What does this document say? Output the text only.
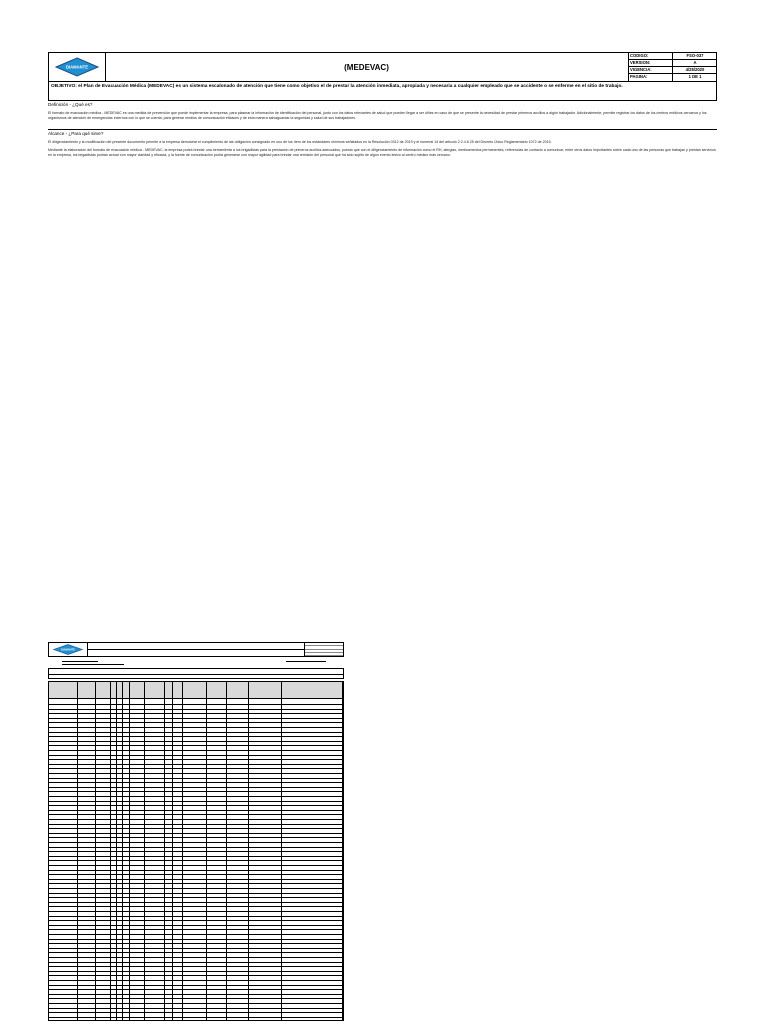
DIAMANTE	(MEDEVAC)
CODIGO:	FSO-037
VERSION:	A
VIGENCIA:	4/25/2020
PAGINA:	1 DE 1
OBJETIVO: el Plan de Evacuación Médica (MEDEVAC) es un sistema escalonado de atención que tiene como objetivo el de prestar la atención inmediata, apropiada y necesaria a cualquier empleado que se accidente o se enferme en el sitio de trabajo.
Definición - ¿Qué es?
El formato de evacuación médica - MEDEVAC es una medida de prevención que puede implementar la empresa, para plasmar la información de identificación del personal, junto con los datos relevantes de salud que pueden llegar a ser útiles en caso de que se presente la necesidad de prestar primeros auxilios a algún trabajador. Adicionalmente, permite registrar los datos de los centros médicos cercanos y los organismos de atención de emergencias externos con lo que se cuenta, para generar medios de comunicación eficaces y de esta manera salvaguardar la seguridad y salud de sus trabajadores.
Alcance - ¿Para qué sirve?
El diligenciamiento y la modificación del presente documento permite a la empresa demostrar el cumplimiento de las obligación consignado en uno de los ítem de los estándares mínimos señalados en la Resolución 0312 de 2019 y el numeral 14 del artículo 2.2.4.6.25 del Decreto Único Reglamentario 1072 de 2015.
Mediante la elaboración del formato de evacuación médica - MEDEVAC, la empresa podrá brindar una herramienta a los brigadistas para la prestación de primeros auxilios adecuados, puesto que con el diligenciamiento de información como el RH, alergias, medicamentos permanentes, referencias de contacto a comunicar, entre otros datos importantes sobre cada uno de las personas que trabajan y prestan servicios en la empresa, los brigadistas podrán actuar con mayor claridad y eficacia, y la fuente de comunicación podrá generarse con mayor agilidad para brindar una remisión del personal que ha sido sujeto de algún evento lesivo al centro médico más cercano.
DIAMANTE
